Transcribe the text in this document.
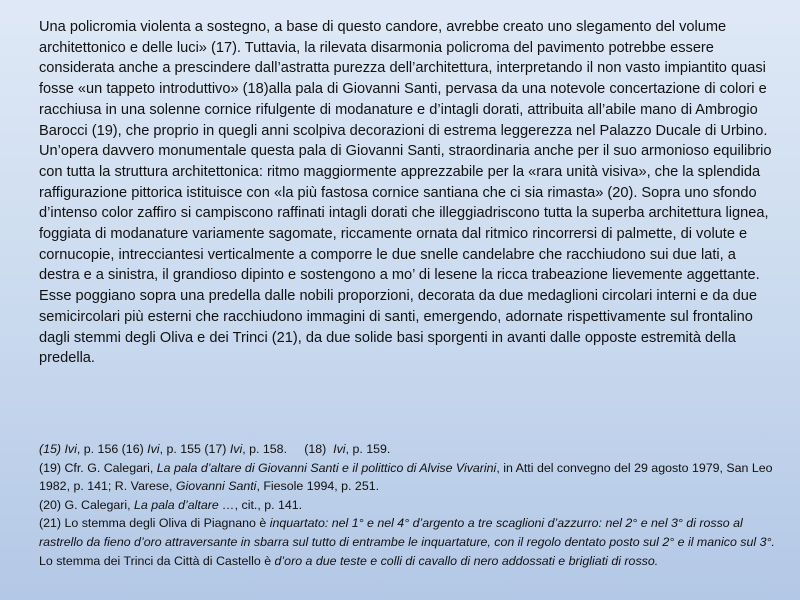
Una policromia violenta a sostegno, a base di questo candore, avrebbe creato uno slegamento del volume architettonico e delle luci» (17). Tuttavia, la rilevata disarmonia policroma del pavimento potrebbe essere considerata anche a prescindere dall’astratta purezza dell’architettura, interpretando il non vasto impiantito quasi fosse «un tappeto introduttivo» (18)alla pala di Giovanni Santi, pervasa da una notevole concertazione di colori e racchiusa in una solenne cornice rifulgente di modanature e d’intagli dorati, attribuita all’abile mano di Ambrogio Barocci (19), che proprio in quegli anni scolpiva decorazioni di estrema leggerezza nel Palazzo Ducale di Urbino.

Un’opera davvero monumentale questa pala di Giovanni Santi, straordinaria anche per il suo armonioso equilibrio con tutta la struttura architettonica: ritmo maggiormente apprezzabile per la «rara unità visiva», che la splendida raffigurazione pittorica istituisce con «la più fastosa cornice santiana che ci sia rimasta» (20). Sopra uno sfondo d’intenso color zaffiro si campiscono raffinati intagli dorati che illeggiadriscono tutta la superba architettura lignea, foggiata di modanature variamente sagomate, riccamente ornata dal ritmico rincorrersi di palmette, di volute e cornucopie, intrecciantesi verticalmente a comporre le due snelle candelabre che racchiudono sui due lati, a destra e a sinistra, il grandioso dipinto e sostengono a mo’ di lesene la ricca trabeazione lievemente aggettante. Esse poggiano sopra una predella dalle nobili proporzioni, decorata da due medaglioni circolari interni e da due semicircolari più esterni che racchiudono immagini di santi, emergendo, adornate rispettivamente sul frontalino dagli stemmi degli Oliva e dei Trinci (21), da due solide basi sporgenti in avanti dalle opposte estremità della predella.

(15) Ivi, p. 156 (16) Ivi, p. 155 (17) Ivi, p. 158.     (18)  Ivi, p. 159.

(19) Cfr. G. Calegari, La pala d’altare di Giovanni Santi e il polittico di Alvise Vivarini, in Atti del convegno del 29 agosto 1979, San Leo 1982, p. 141; R. Varese, Giovanni Santi, Fiesole 1994, p. 251.

(20) G. Calegari, La pala d’altare …, cit., p. 141.

(21) Lo stemma degli Oliva di Piagnano è inquartato: nel 1° e nel 4° d’argento a tre scaglioni d’azzurro: nel 2° e nel 3° di rosso al rastrello da fieno d’oro attraversante in sbarra sul tutto di entrambe le inquartature, con il regolo dentato posto sul 2° e il manico sul 3°.  Lo stemma dei Trinci da Città di Castello è d’oro a due teste e colli di cavallo di nero addossati e brigliati di rosso.
